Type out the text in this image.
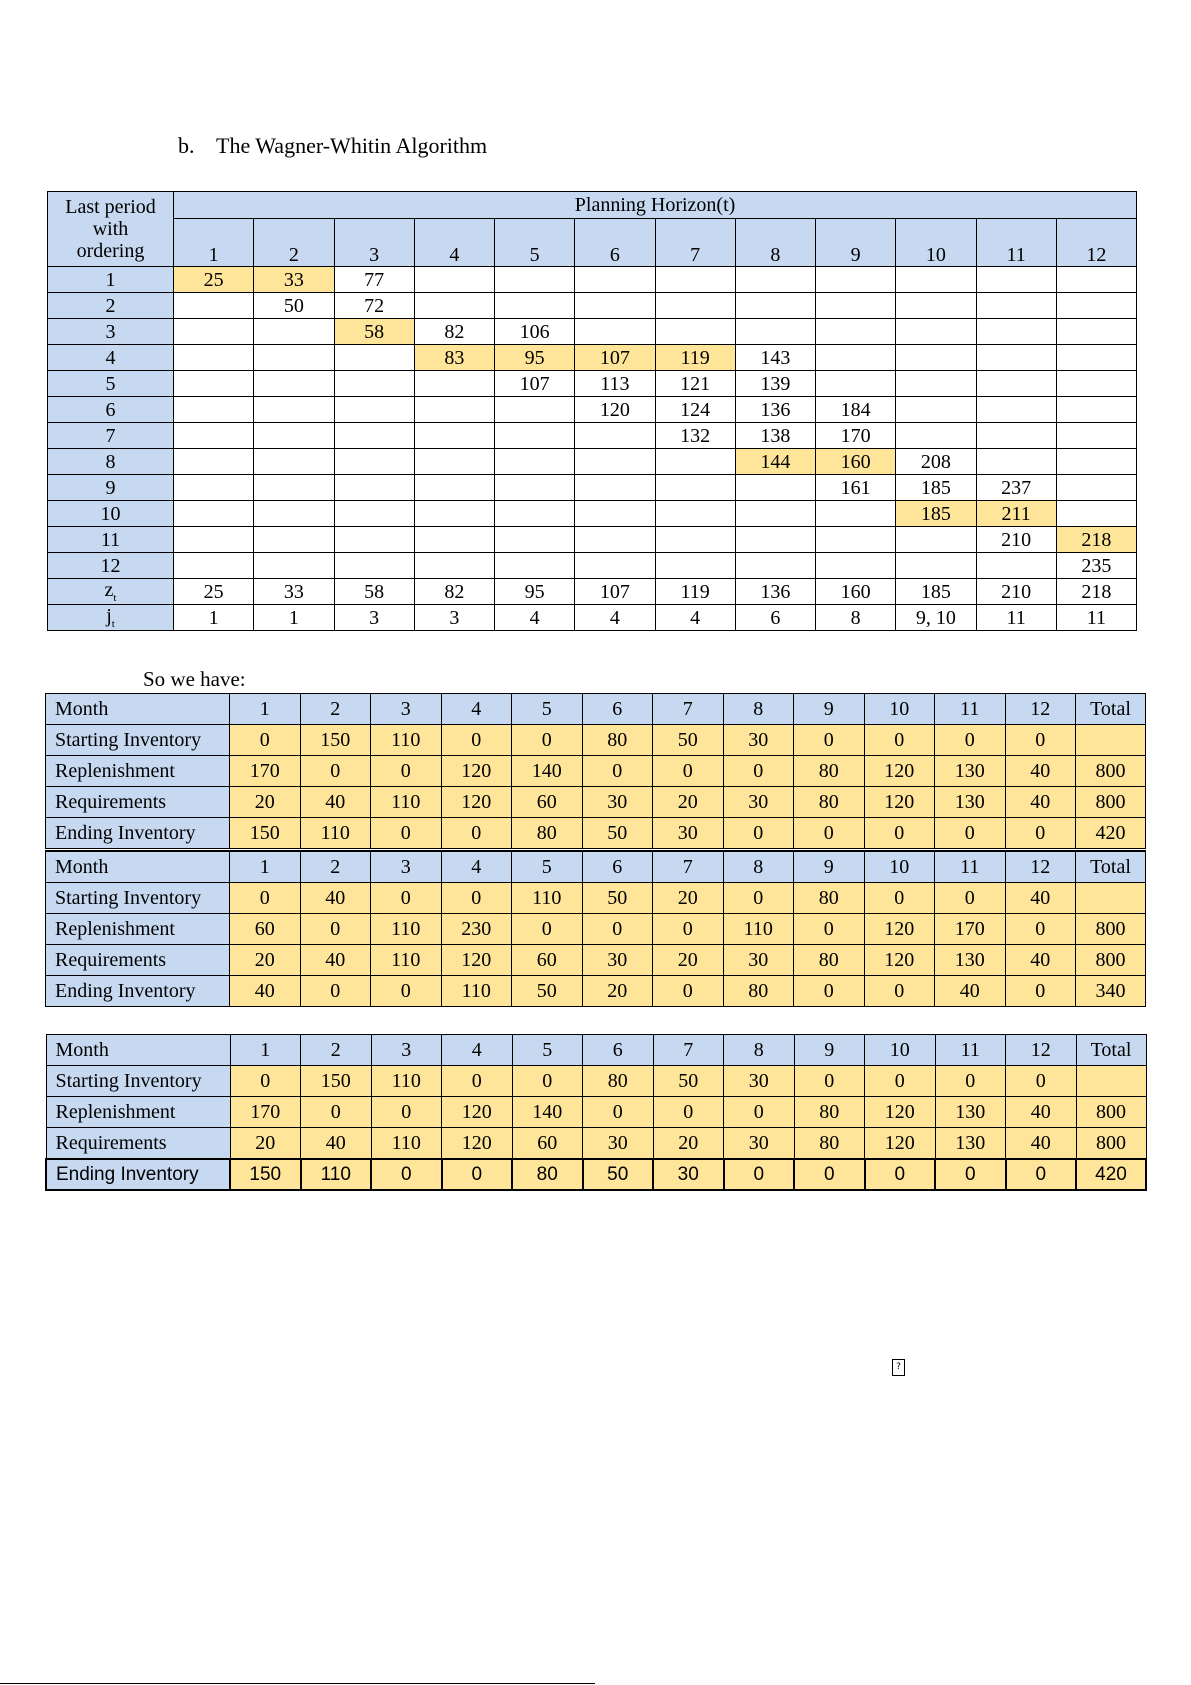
b. The Wagner-Whitin Algorithm
Last period
with
ordering	Planning Horizon(t)											
	1	2	3	4	5	6	7	8	9	10	11	12
1	25	33	77									
2		50	72									
3			58	82	106							
4				83	95	107	119	143				
5					107	113	121	139				
6						120	124	136	184			
7							132	138	170			
8								144	160	208		
9									161	185	237	
10										185	211	
11											210	218
12												235
$z_t$	25	33	58	82	95	107	119	136	160	185	210	218
$j_t$	1	1	3	3	4	4	4	6	8	9, 10	11	11
So we have:
Month	1	2	3	4	5	6	7	8	9	10	11	12	Total
Starting Inventory	0	150	110	0	0	80	50	30	0	0	0	0	
Replenishment	170	0	0	120	140	0	0	0	80	120	130	40	800
Requirements	20	40	110	120	60	30	20	30	80	120	130	40	800
Ending Inventory	150	110	0	0	80	50	30	0	0	0	0	0	420
Month	1	2	3	4	5	6	7	8	9	10	11	12	Total
Starting Inventory	0	40	0	0	110	50	20	0	80	0	0	40	
Replenishment	60	0	110	230	0	0	0	110	0	120	170	0	800
Requirements	20	40	110	120	60	30	20	30	80	120	130	40	800
Ending Inventory	40	0	0	110	50	20	0	80	0	0	40	0	340
Month	1	2	3	4	5	6	7	8	9	10	11	12	Total
Starting Inventory	0	150	110	0	0	80	50	30	0	0	0	0	
Replenishment	170	0	0	120	140	0	0	0	80	120	130	40	800
Requirements	20	40	110	120	60	30	20	30	80	120	130	40	800
Ending Inventory	150	110	0	0	80	50	30	0	0	0	0	0	420
?
